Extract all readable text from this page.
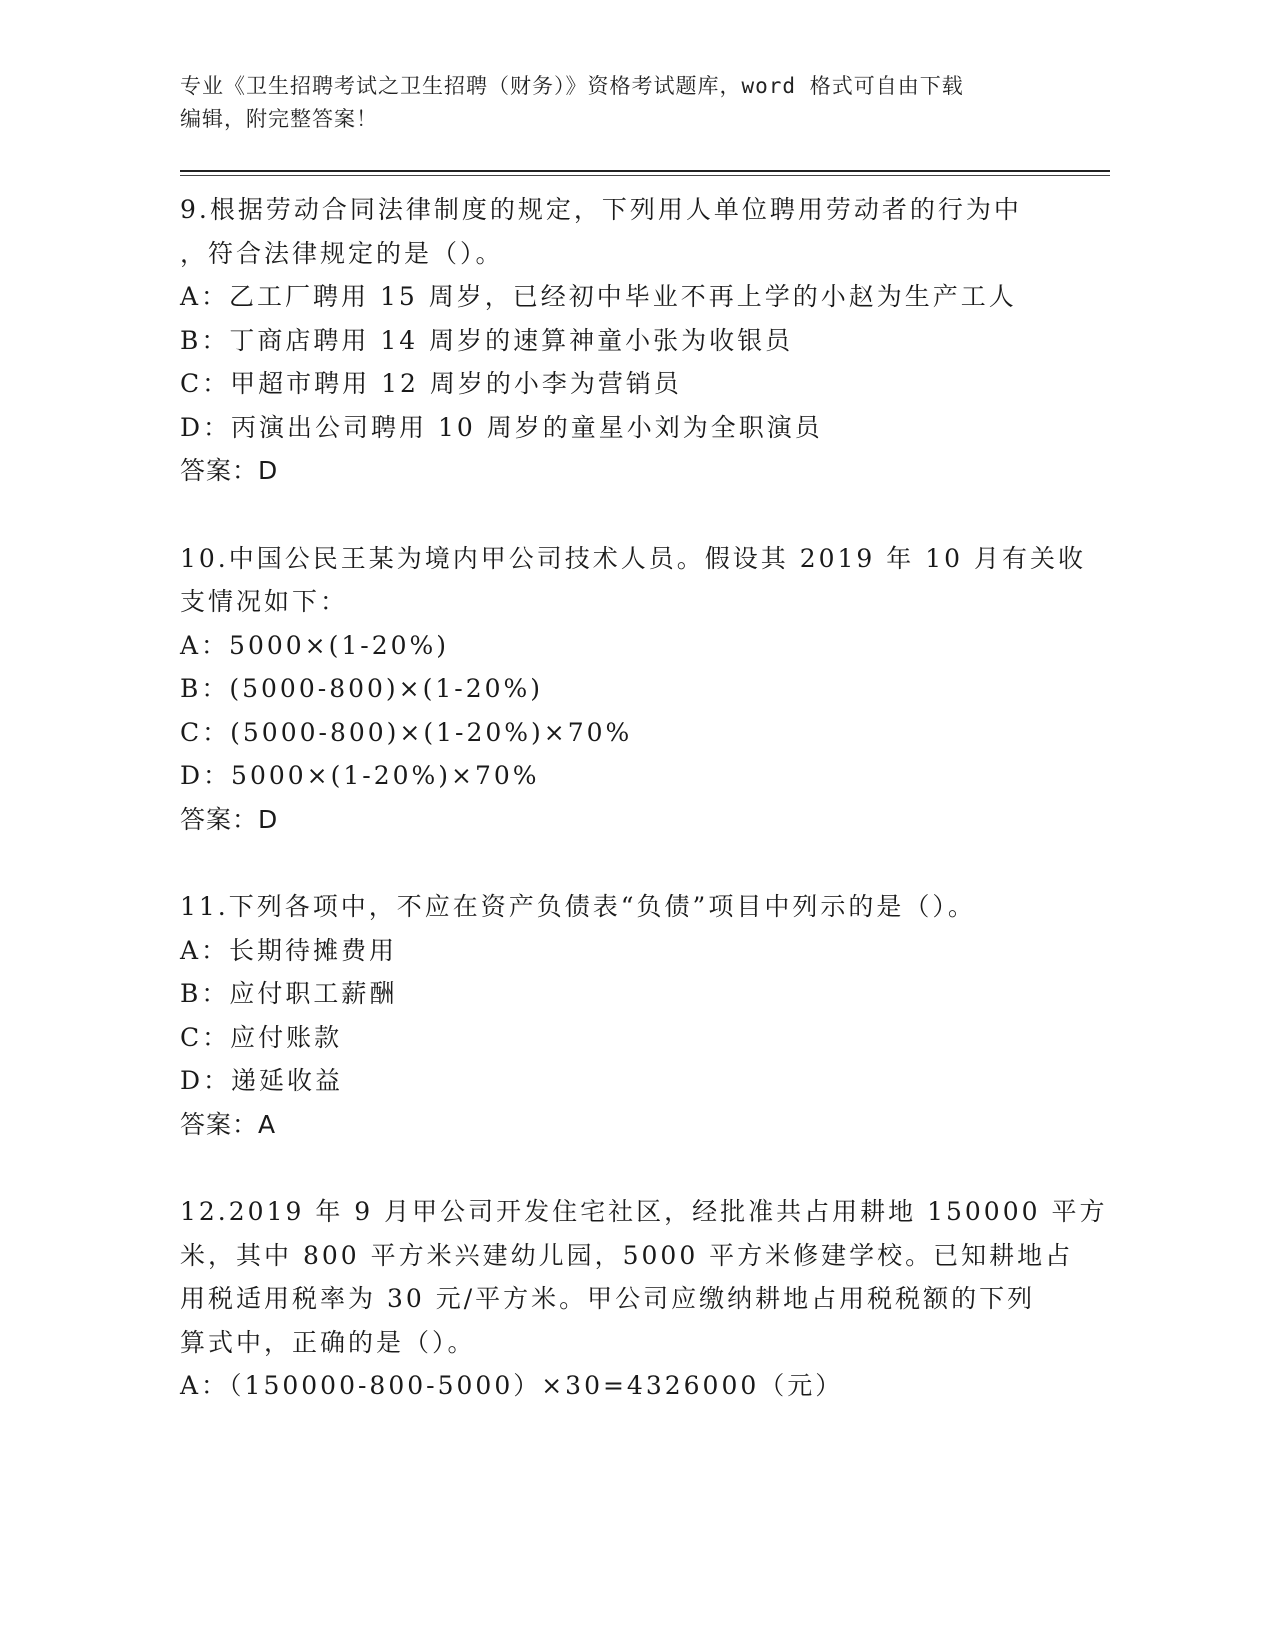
专业《卫生招聘考试之卫生招聘（财务）》资格考试题库，word 格式可自由下载
编辑，附完整答案！
9.根据劳动合同法律制度的规定，下列用人单位聘用劳动者的行为中
，符合法律规定的是（）。
A：乙工厂聘用 15 周岁，已经初中毕业不再上学的小赵为生产工人
B：丁商店聘用 14 周岁的速算神童小张为收银员
C：甲超市聘用 12 周岁的小李为营销员
D：丙演出公司聘用 10 周岁的童星小刘为全职演员
答案：D
10.中国公民王某为境内甲公司技术人员。假设其 2019 年 10 月有关收
支情况如下：
A：5000×(1-20%)
B：(5000-800)×(1-20%)
C：(5000-800)×(1-20%)×70%
D：5000×(1-20%)×70%
答案：D
11.下列各项中，不应在资产负债表“负债”项目中列示的是（）。
A：长期待摊费用
B：应付职工薪酬
C：应付账款
D：递延收益
答案：A
12.2019 年 9 月甲公司开发住宅社区，经批准共占用耕地 150000 平方
米，其中 800 平方米兴建幼儿园，5000 平方米修建学校。已知耕地占
用税适用税率为 30 元/平方米。甲公司应缴纳耕地占用税税额的下列
算式中，正确的是（）。
A：（150000-800-5000）×30=4326000（元）
